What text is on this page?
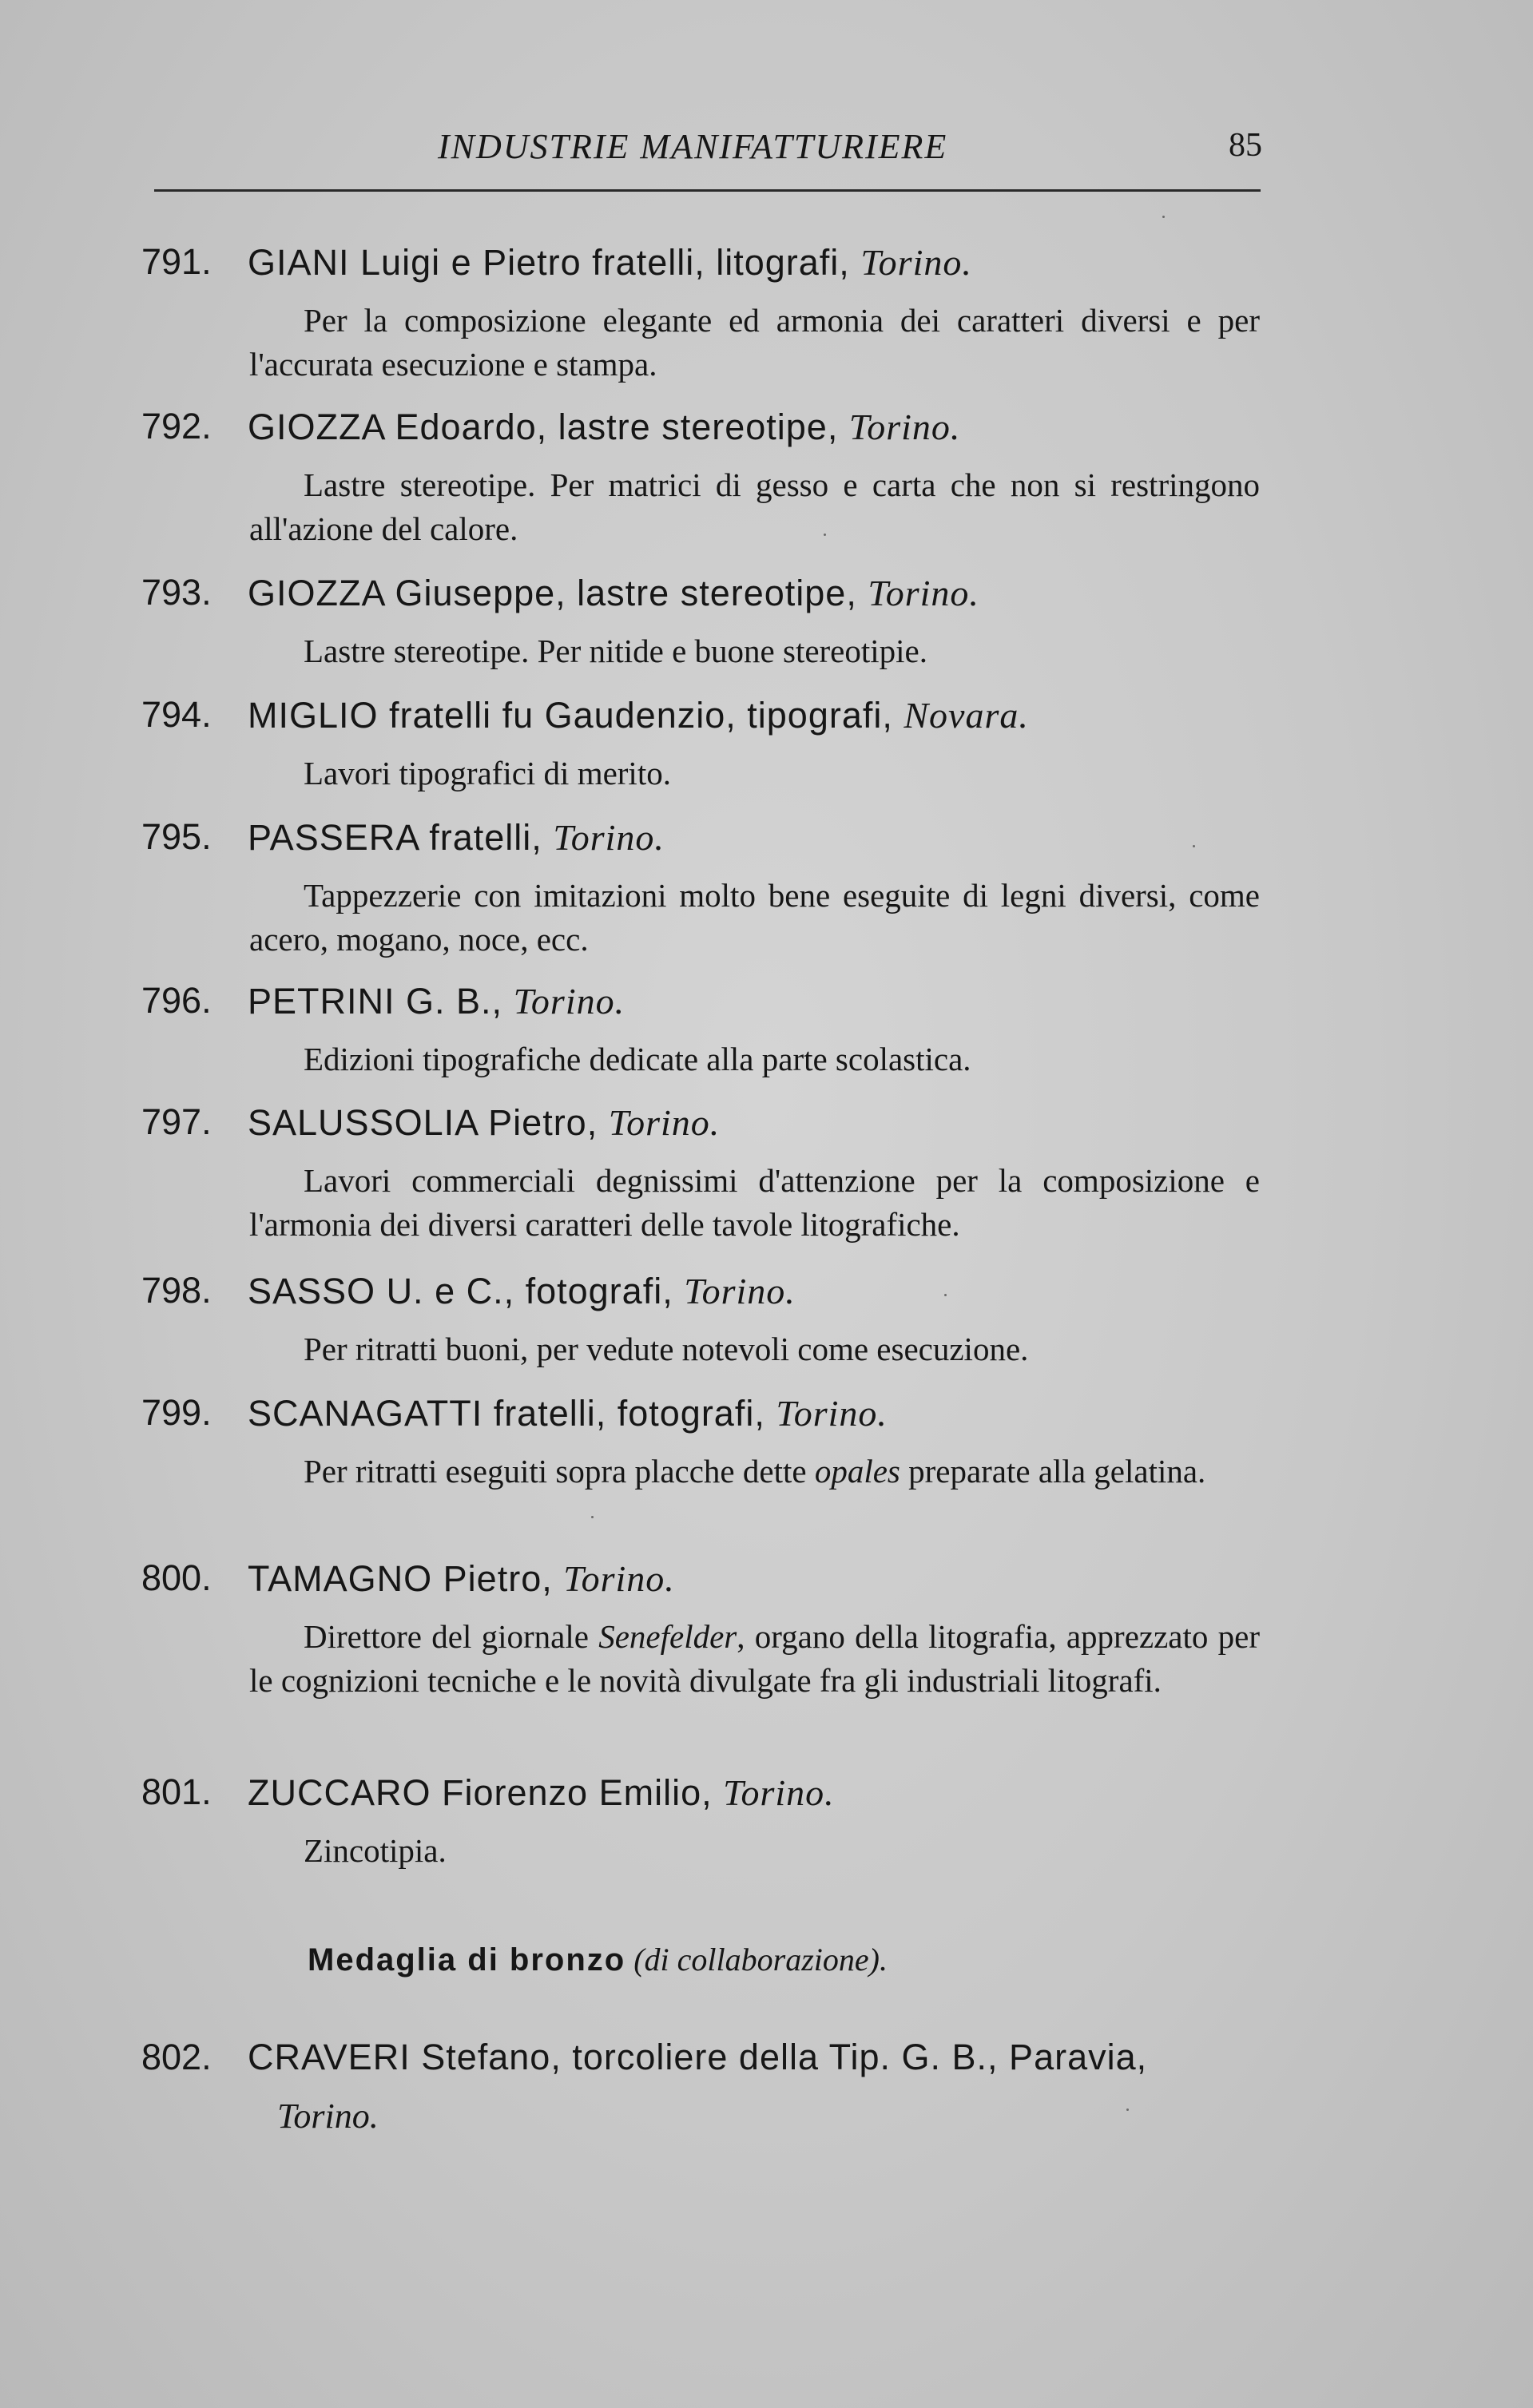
INDUSTRIE MANIFATTURIERE	85
791. GIANI Luigi e Pietro fratelli, litografi, Torino.
Per la composizione elegante ed armonia dei caratteri diversi e per l'accurata esecuzione e stampa.
792. GIOZZA Edoardo, lastre stereotipe, Torino.
Lastre stereotipe. Per matrici di gesso e carta che non si restringono all'azione del calore.
793. GIOZZA Giuseppe, lastre stereotipe, Torino.
Lastre stereotipe. Per nitide e buone stereotipie.
794. MIGLIO fratelli fu Gaudenzio, tipografi, Novara.
Lavori tipografici di merito.
795. PASSERA fratelli, Torino.
Tappezzerie con imitazioni molto bene eseguite di legni diversi, come acero, mogano, noce, ecc.
796. PETRINI G. B., Torino.
Edizioni tipografiche dedicate alla parte scolastica.
797. SALUSSOLIA Pietro, Torino.
Lavori commerciali degnissimi d'attenzione per la composizione e l'armonia dei diversi caratteri delle tavole litografiche.
798. SASSO U. e C., fotografi, Torino.
Per ritratti buoni, per vedute notevoli come esecuzione.
799. SCANAGATTI fratelli, fotografi, Torino.
Per ritratti eseguiti sopra placche dette opales preparate alla gelatina.
800. TAMAGNO Pietro, Torino.
Direttore del giornale Senefelder, organo della litografia, apprezzato per le cognizioni tecniche e le novità divulgate fra gli industriali litografi.
801. ZUCCARO Fiorenzo Emilio, Torino.
Zincotipia.
Medaglia di bronzo (di collaborazione).
802. CRAVERI Stefano, torcoliere della Tip. G. B., Paravia,
Torino.
